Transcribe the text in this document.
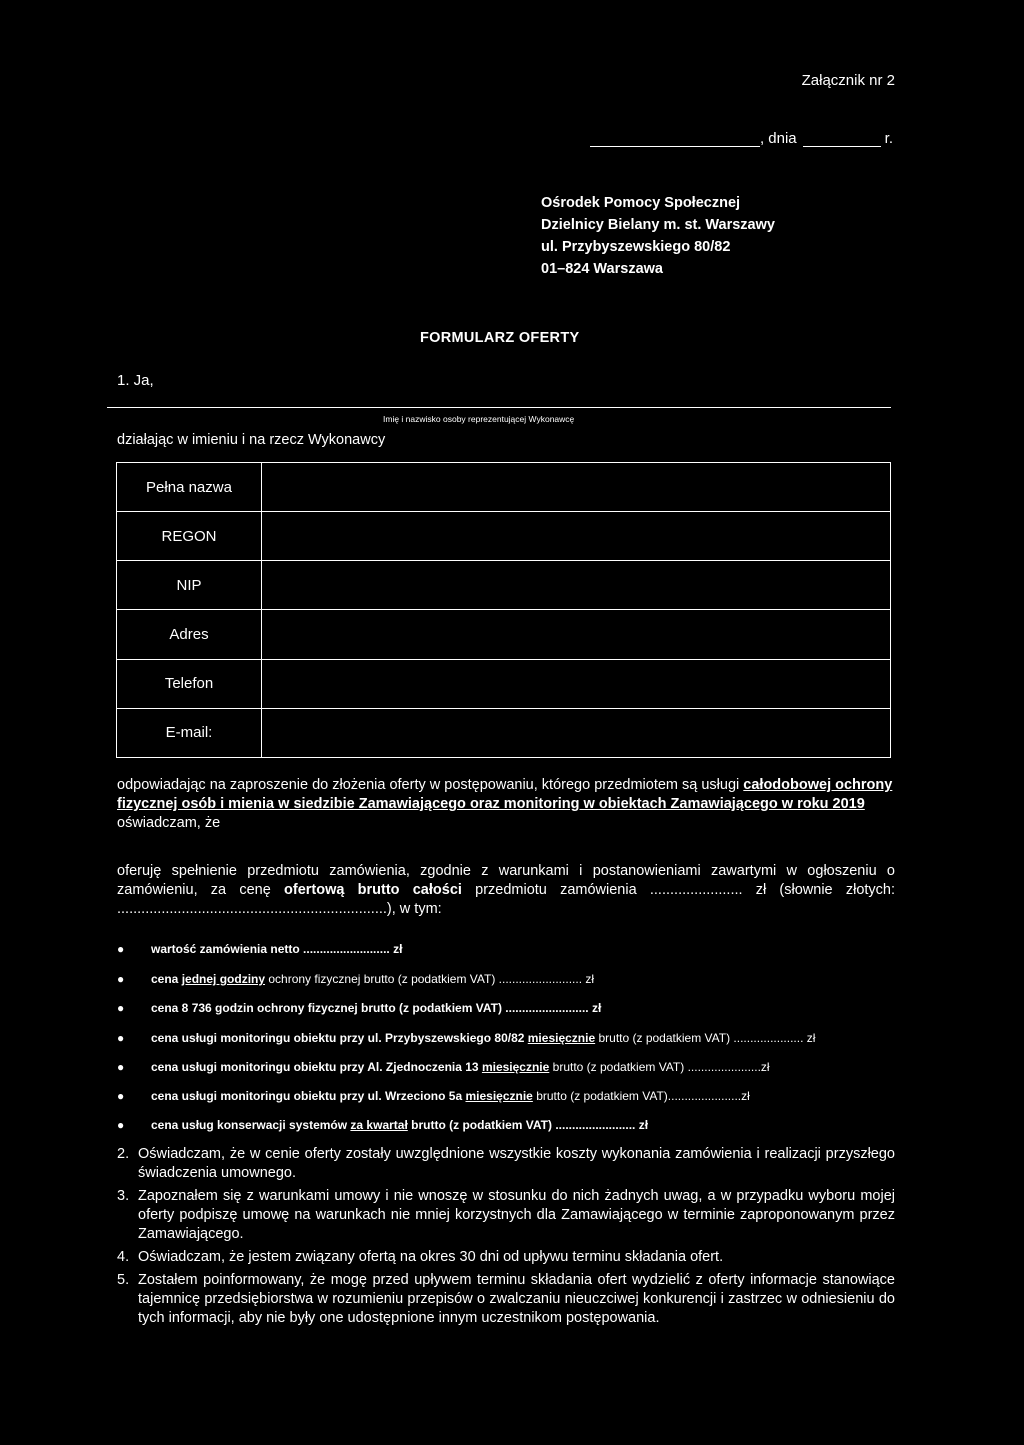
Załącznik nr 2
, dnia	r.
Ośrodek Pomocy Społecznej
Dzielnicy Bielany m. st. Warszawy
ul. Przybyszewskiego 80/82
01–824 Warszawa
FORMULARZ OFERTY
1. Ja,
Imię i nazwisko osoby reprezentującej Wykonawcę
działając w imieniu i na rzecz Wykonawcy
Pełna nazwa	
REGON	
NIP	
Adres	
Telefon	
E-mail:	
odpowiadając na zaproszenie do złożenia oferty w postępowaniu, którego przedmiotem są usługi całodobowej ochrony fizycznej osób i mienia w siedzibie Zamawiającego oraz monitoring w obiektach Zamawiającego w roku 2019 oświadczam, że
oferuję spełnienie przedmiotu zamówienia, zgodnie z warunkami i postanowieniami zawartymi w ogłoszeniu o zamówieniu, za cenę ofertową brutto całości przedmiotu zamówienia ....................... zł (słownie złotych: ...................................................................), w tym:
● wartość zamówienia netto .......................... zł
● cena jednej godziny ochrony fizycznej brutto (z podatkiem VAT) ......................... zł
● cena 8 736 godzin ochrony fizycznej brutto (z podatkiem VAT) ......................... zł
● cena usługi monitoringu obiektu przy ul. Przybyszewskiego 80/82 miesięcznie brutto (z podatkiem VAT) ..................... zł
● cena usługi monitoringu obiektu przy Al. Zjednoczenia 13 miesięcznie brutto (z podatkiem VAT) ......................zł
● cena usługi monitoringu obiektu przy ul. Wrzeciono 5a miesięcznie brutto (z podatkiem VAT)......................zł
● cena usług konserwacji systemów za kwartał brutto (z podatkiem VAT) ........................ zł
2. Oświadczam, że w cenie oferty zostały uwzględnione wszystkie koszty wykonania zamówienia i realizacji przyszłego świadczenia umownego.
3. Zapoznałem się z warunkami umowy i nie wnoszę w stosunku do nich żadnych uwag, a w przypadku wyboru mojej oferty podpiszę umowę na warunkach nie mniej korzystnych dla Zamawiającego w terminie zaproponowanym przez Zamawiającego.
4. Oświadczam, że jestem związany ofertą na okres 30 dni od upływu terminu składania ofert.
5. Zostałem poinformowany, że mogę przed upływem terminu składania ofert wydzielić z oferty informacje stanowiące tajemnicę przedsiębiorstwa w rozumieniu przepisów o zwalczaniu nieuczciwej konkurencji i zastrzec w odniesieniu do tych informacji, aby nie były one udostępnione innym uczestnikom postępowania.
